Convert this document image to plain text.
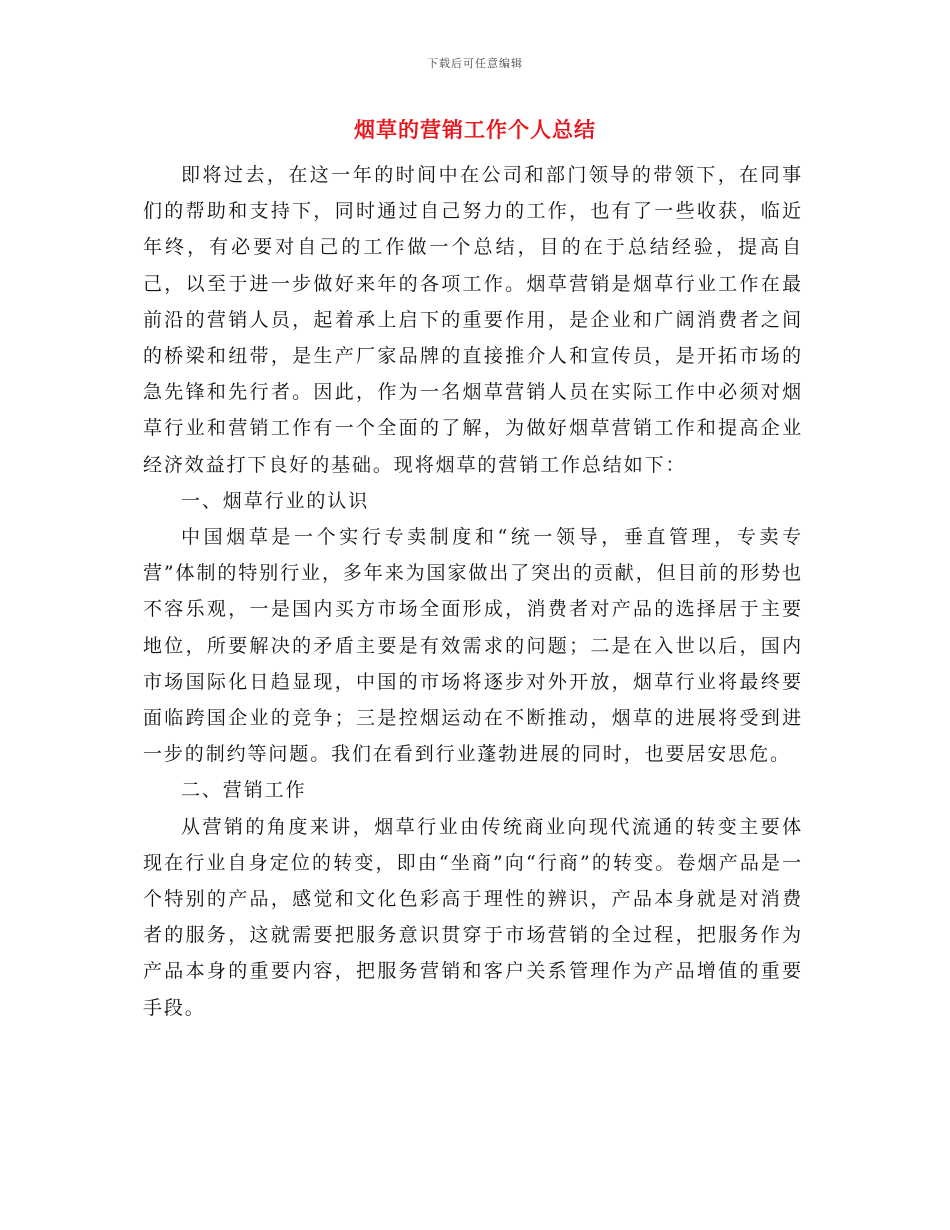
下载后可任意编辑
烟草的营销工作个人总结

即将过去，在这一年的时间中在公司和部门领导的带领下，在同事们的帮助和支持下，同时通过自己努力的工作，也有了一些收获，临近年终，有必要对自己的工作做一个总结，目的在于总结经验，提高自己，以至于进一步做好来年的各项工作。烟草营销是烟草行业工作在最前沿的营销人员，起着承上启下的重要作用，是企业和广阔消费者之间的桥梁和纽带，是生产厂家品牌的直接推介人和宣传员，是开拓市场的急先锋和先行者。因此，作为一名烟草营销人员在实际工作中必须对烟草行业和营销工作有一个全面的了解，为做好烟草营销工作和提高企业经济效益打下良好的基础。现将烟草的营销工作总结如下：

一、烟草行业的认识

中国烟草是一个实行专卖制度和“统一领导，垂直管理，专卖专营”体制的特别行业，多年来为国家做出了突出的贡献，但目前的形势也不容乐观，一是国内买方市场全面形成，消费者对产品的选择居于主要地位，所要解决的矛盾主要是有效需求的问题；二是在入世以后，国内市场国际化日趋显现，中国的市场将逐步对外开放，烟草行业将最终要面临跨国企业的竞争；三是控烟运动在不断推动，烟草的进展将受到进一步的制约等问题。我们在看到行业蓬勃进展的同时，也要居安思危。

二、营销工作

从营销的角度来讲，烟草行业由传统商业向现代流通的转变主要体现在行业自身定位的转变，即由“坐商”向“行商”的转变。卷烟产品是一个特别的产品，感觉和文化色彩高于理性的辨识，产品本身就是对消费者的服务，这就需要把服务意识贯穿于市场营销的全过程，把服务作为产品本身的重要内容，把服务营销和客户关系管理作为产品增值的重要手段。
